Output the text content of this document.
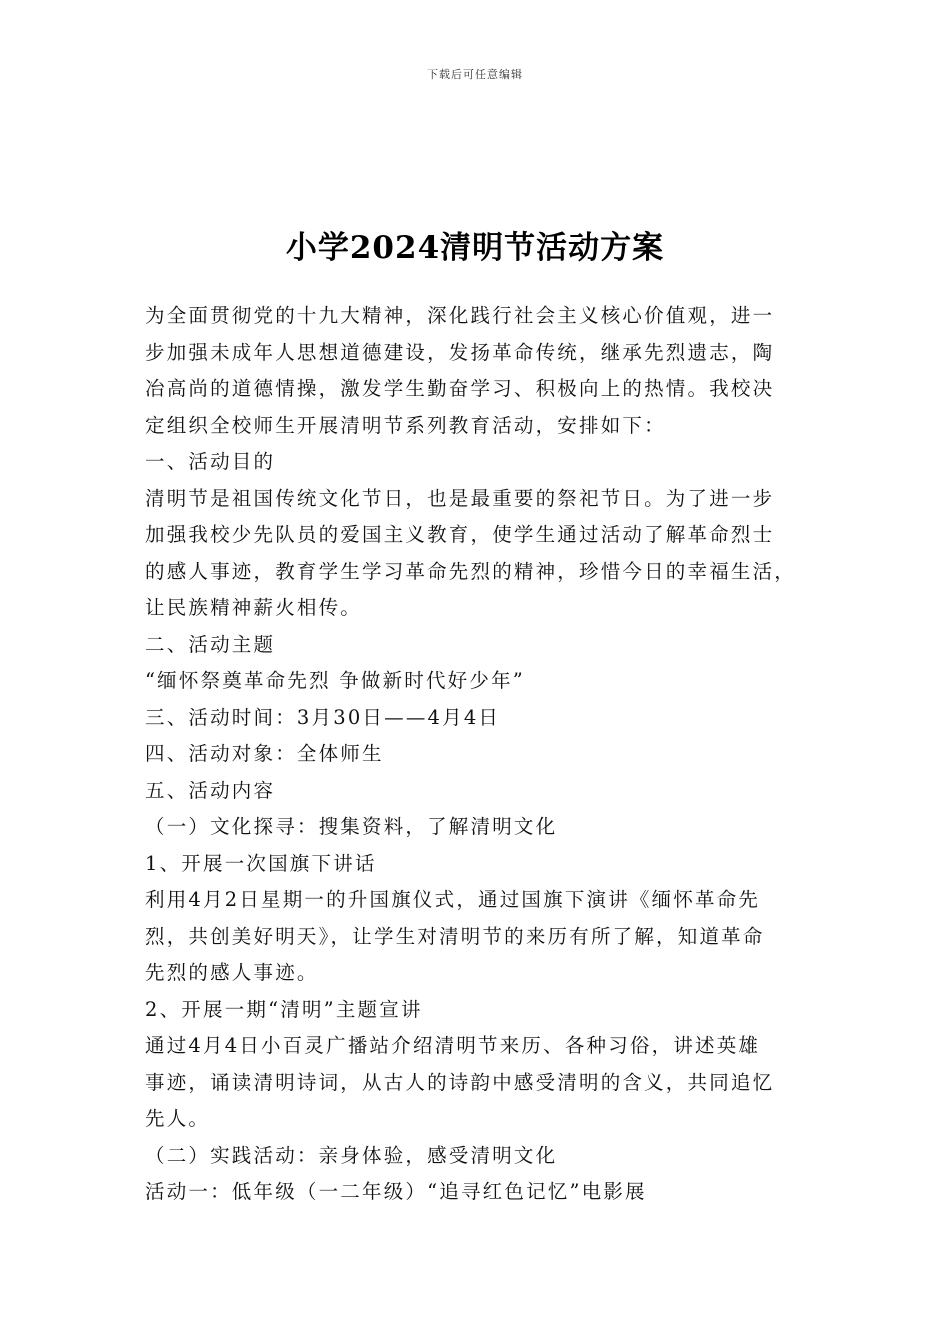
下载后可任意编辑
小学2024清明节活动方案

为全面贯彻党的十九大精神，深化践行社会主义核心价值观，进一

步加强未成年人思想道德建设，发扬革命传统，继承先烈遗志，陶

冶高尚的道德情操，激发学生勤奋学习、积极向上的热情。我校决

定组织全校师生开展清明节系列教育活动，安排如下：

一、活动目的

清明节是祖国传统文化节日，也是最重要的祭祀节日。为了进一步

加强我校少先队员的爱国主义教育，使学生通过活动了解革命烈士

的感人事迹，教育学生学习革命先烈的精神，珍惜今日的幸福生活，

让民族精神薪火相传。

二、活动主题

“缅怀祭奠革命先烈 争做新时代好少年”

三、活动时间：3月30日——4月4日

四、活动对象：全体师生

五、活动内容

（一）文化探寻：搜集资料，了解清明文化

1、开展一次国旗下讲话

利用4月2日星期一的升国旗仪式，通过国旗下演讲《缅怀革命先

烈，共创美好明天》，让学生对清明节的来历有所了解，知道革命

先烈的感人事迹。

2、开展一期“清明”主题宣讲

通过4月4日小百灵广播站介绍清明节来历、各种习俗，讲述英雄

事迹，诵读清明诗词，从古人的诗韵中感受清明的含义，共同追忆

先人。

（二）实践活动：亲身体验，感受清明文化

活动一：低年级（一二年级）“追寻红色记忆”电影展
